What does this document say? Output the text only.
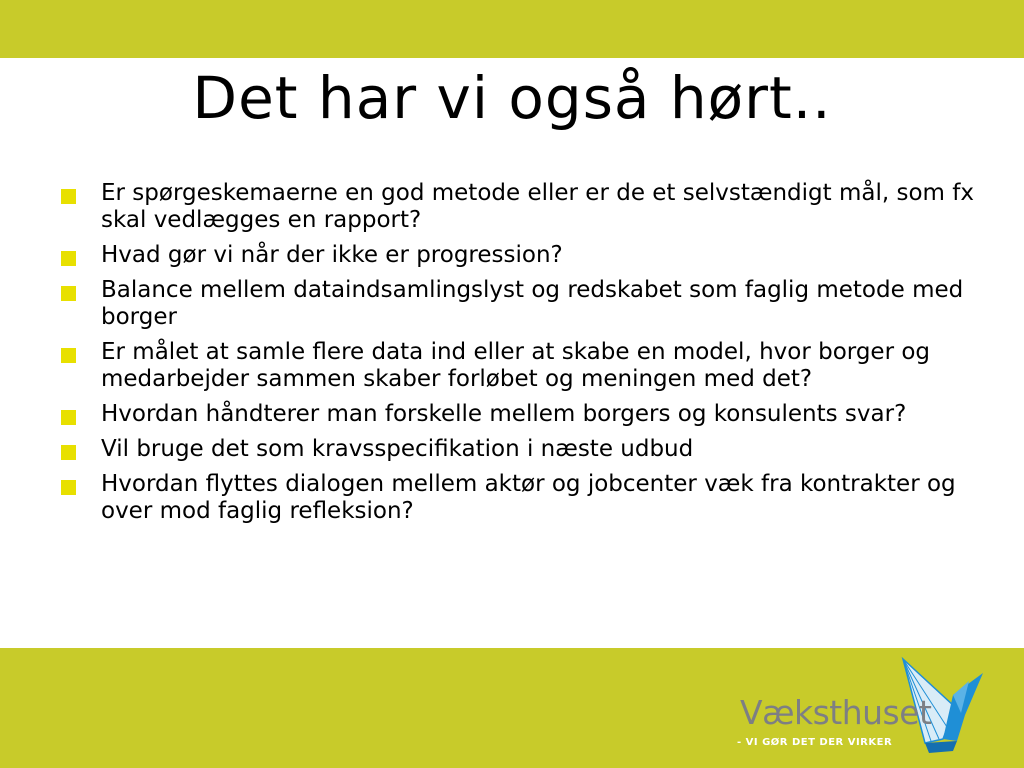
Det har vi også hørt..
Er spørgeskemaerne en god metode eller er de et selvstændigt mål, som fx skal vedlægges en rapport?
Hvad gør vi når der ikke er progression?
Balance mellem dataindsamlingslyst og redskabet som faglig metode med borger
Er målet at samle flere data ind eller at skabe en model, hvor borger og medarbejder sammen skaber forløbet og meningen med det?
Hvordan håndterer man forskelle mellem borgers og konsulents svar?
Vil bruge det som kravsspecifikation i næste udbud
Hvordan flyttes dialogen mellem aktør og jobcenter væk fra kontrakter og over mod faglig refleksion?
Væksthuset
- VI GØR DET DER VIRKER
